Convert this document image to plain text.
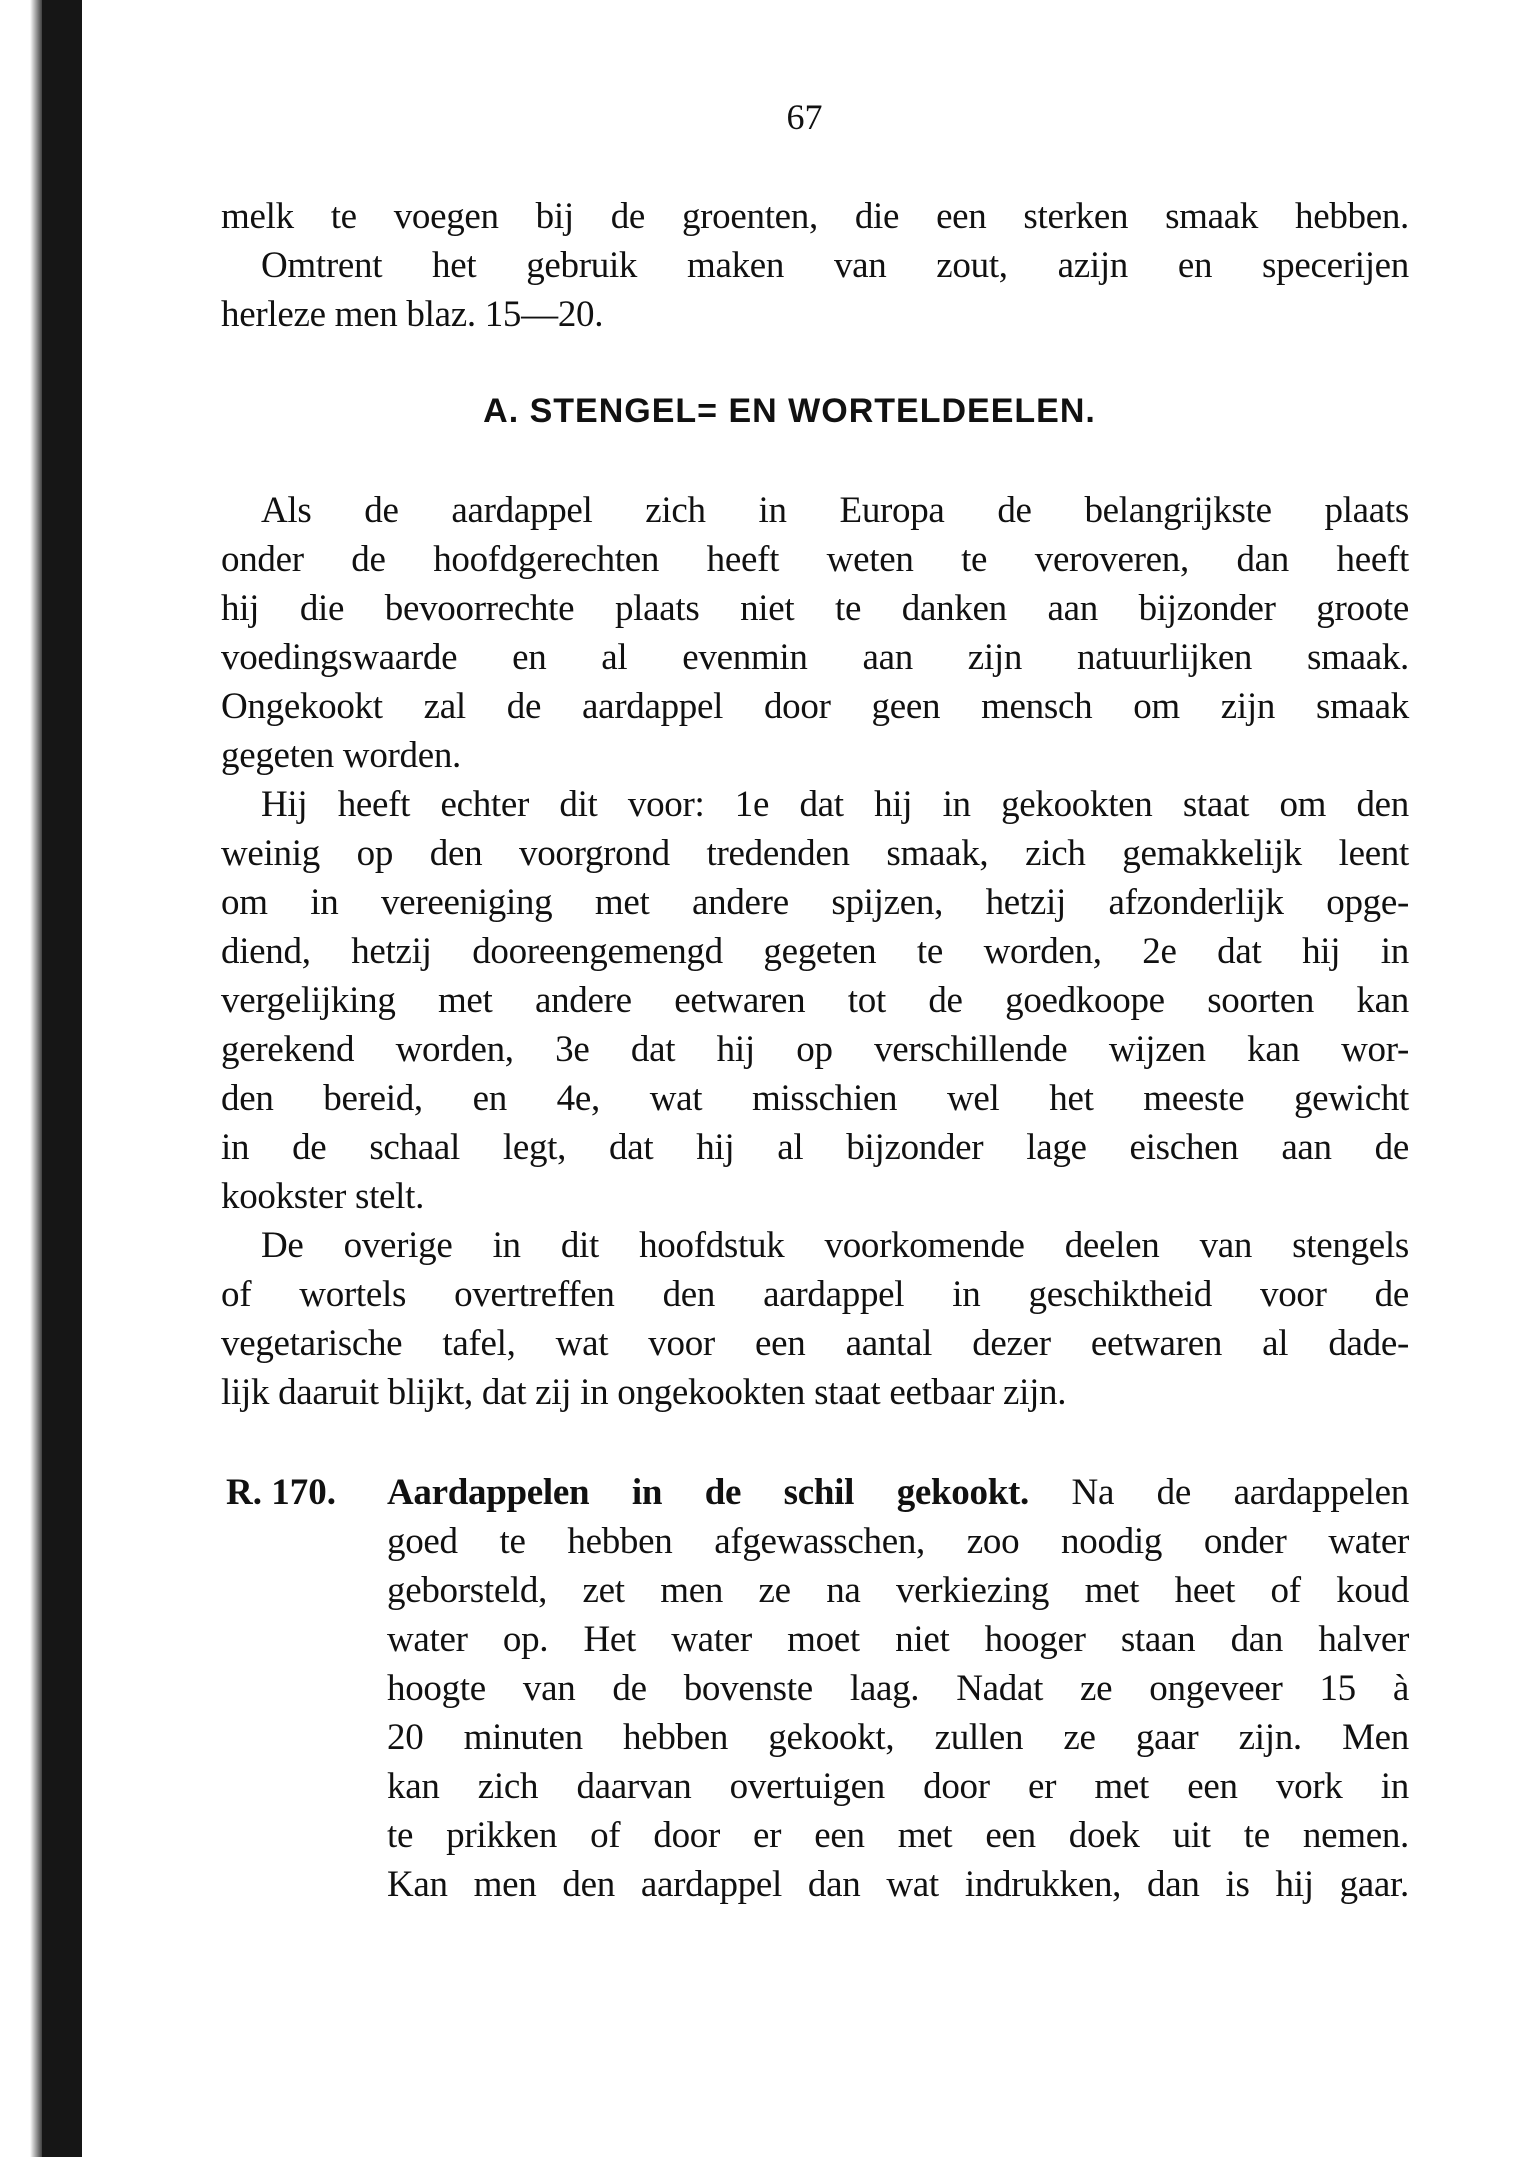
67
melk te voegen bij de groenten, die een sterken smaak hebben.
Omtrent het gebruik maken van zout, azijn en specerijen
herleze men blaz. 15—20.
A. STENGEL= EN WORTELDEELEN.
Als de aardappel zich in Europa de belangrijkste plaats
onder de hoofdgerechten heeft weten te veroveren, dan heeft
hij die bevoorrechte plaats niet te danken aan bijzonder groote
voedingswaarde en al evenmin aan zijn natuurlijken smaak.
Ongekookt zal de aardappel door geen mensch om zijn smaak
gegeten worden.
Hij heeft echter dit voor: 1e dat hij in gekookten staat om den
weinig op den voorgrond tredenden smaak, zich gemakkelijk leent
om in vereeniging met andere spijzen, hetzij afzonderlijk opge-
diend, hetzij dooreengemengd gegeten te worden, 2e dat hij in
vergelijking met andere eetwaren tot de goedkoope soorten kan
gerekend worden, 3e dat hij op verschillende wijzen kan wor-
den bereid, en 4e, wat misschien wel het meeste gewicht
in de schaal legt, dat hij al bijzonder lage eischen aan de
kookster stelt.
De overige in dit hoofdstuk voorkomende deelen van stengels
of wortels overtreffen den aardappel in geschiktheid voor de
vegetarische tafel, wat voor een aantal dezer eetwaren al dade-
lijk daaruit blijkt, dat zij in ongekookten staat eetbaar zijn.
R. 170. Aardappelen in de schil gekookt. Na de aardappelen
goed te hebben afgewasschen, zoo noodig onder water
geborsteld, zet men ze na verkiezing met heet of koud
water op. Het water moet niet hooger staan dan halver
hoogte van de bovenste laag. Nadat ze ongeveer 15 à
20 minuten hebben gekookt, zullen ze gaar zijn. Men
kan zich daarvan overtuigen door er met een vork in
te prikken of door er een met een doek uit te nemen.
Kan men den aardappel dan wat indrukken, dan is hij gaar.
